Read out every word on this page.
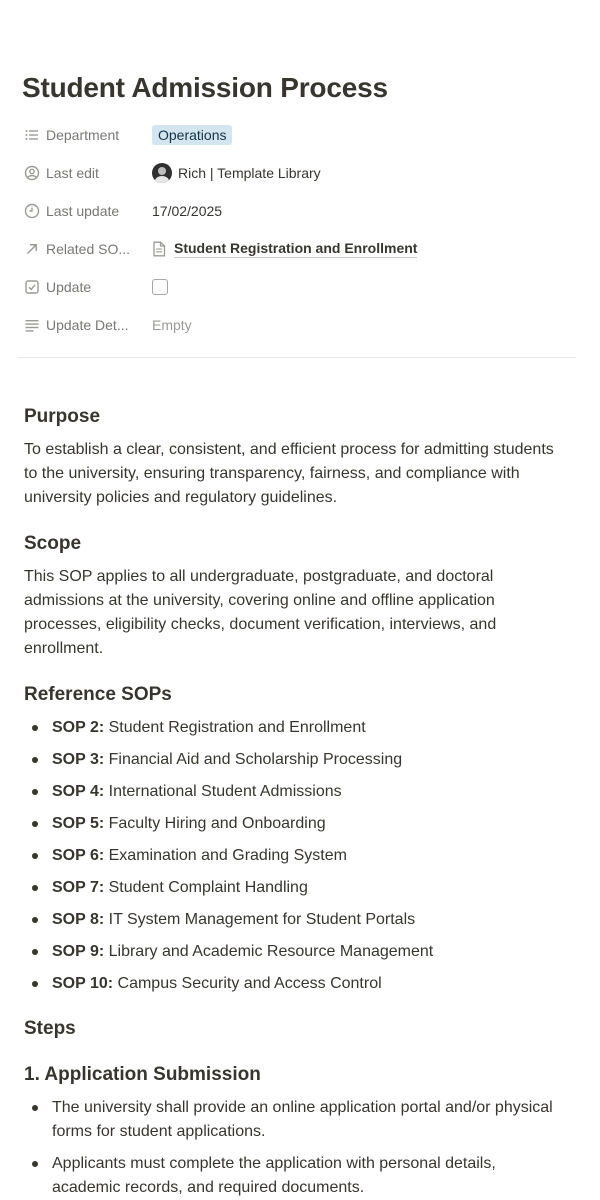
Student Admission Process
Department	Operations
Last edit	Rich | Template Library
Last update 17/02/2025
Related SO...	Student Registration and Enrollment
Update
Update Det... Empty
Purpose

To establish a clear, consistent, and efficient process for admitting students to the university, ensuring transparency, fairness, and compliance with university policies and regulatory guidelines.

Scope

This SOP applies to all undergraduate, postgraduate, and doctoral admissions at the university, covering online and offline application processes, eligibility checks, document verification, interviews, and enrollment.

Reference SOPs
SOP 2: Student Registration and Enrollment
SOP 3: Financial Aid and Scholarship Processing
SOP 4: International Student Admissions
SOP 5: Faculty Hiring and Onboarding
SOP 6: Examination and Grading System
SOP 7: Student Complaint Handling
SOP 8: IT System Management for Student Portals
SOP 9: Library and Academic Resource Management
SOP 10: Campus Security and Access Control
Steps
1. Application Submission
The university shall provide an online application portal and/or physical forms for student applications.
Applicants must complete the application with personal details, academic records, and required documents.
